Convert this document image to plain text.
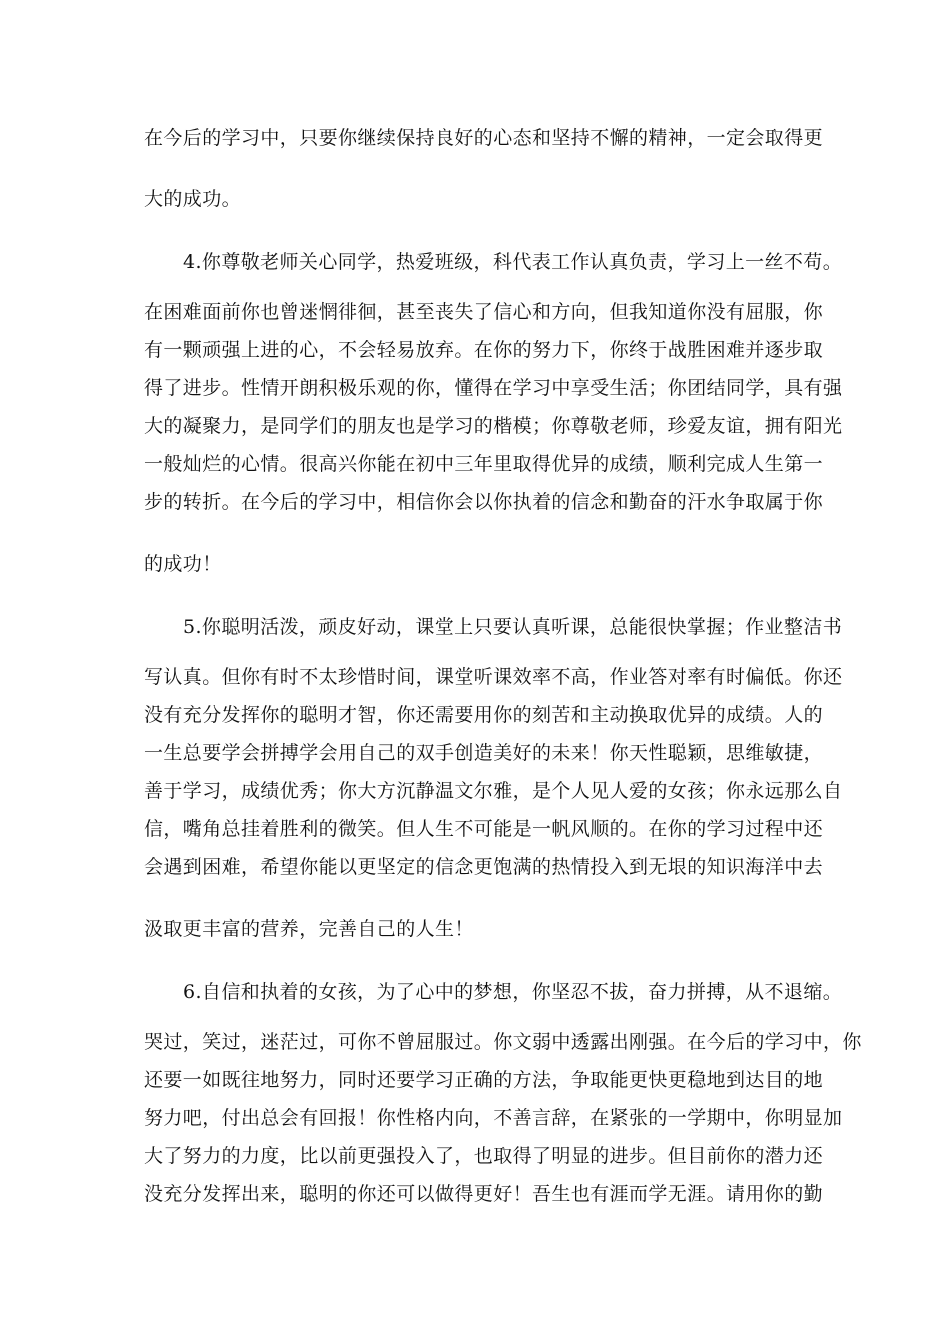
在今后的学习中，只要你继续保持良好的心态和坚持不懈的精神，一定会取得更
大的成功。
4.你尊敬老师关心同学，热爱班级，科代表工作认真负责，学习上一丝不苟。
在困难面前你也曾迷惘徘徊，甚至丧失了信心和方向，但我知道你没有屈服，你
有一颗顽强上进的心，不会轻易放弃。在你的努力下，你终于战胜困难并逐步取
得了进步。性情开朗积极乐观的你，懂得在学习中享受生活；你团结同学，具有强
大的凝聚力，是同学们的朋友也是学习的楷模；你尊敬老师，珍爱友谊，拥有阳光
一般灿烂的心情。很高兴你能在初中三年里取得优异的成绩，顺利完成人生第一
步的转折。在今后的学习中，相信你会以你执着的信念和勤奋的汗水争取属于你
的成功！
5.你聪明活泼，顽皮好动，课堂上只要认真听课，总能很快掌握；作业整洁书
写认真。但你有时不太珍惜时间，课堂听课效率不高，作业答对率有时偏低。你还
没有充分发挥你的聪明才智，你还需要用你的刻苦和主动换取优异的成绩。人的
一生总要学会拼搏学会用自己的双手创造美好的未来！你天性聪颖，思维敏捷，
善于学习，成绩优秀；你大方沉静温文尔雅，是个人见人爱的女孩；你永远那么自
信，嘴角总挂着胜利的微笑。但人生不可能是一帆风顺的。在你的学习过程中还
会遇到困难，希望你能以更坚定的信念更饱满的热情投入到无垠的知识海洋中去
汲取更丰富的营养，完善自己的人生！
6.自信和执着的女孩，为了心中的梦想，你坚忍不拔，奋力拼搏，从不退缩。
哭过，笑过，迷茫过，可你不曾屈服过。你文弱中透露出刚强。在今后的学习中，你
还要一如既往地努力，同时还要学习正确的方法，争取能更快更稳地到达目的地
努力吧，付出总会有回报！你性格内向，不善言辞，在紧张的一学期中，你明显加
大了努力的力度，比以前更强投入了，也取得了明显的进步。但目前你的潜力还
没充分发挥出来，聪明的你还可以做得更好！吾生也有涯而学无涯。请用你的勤
